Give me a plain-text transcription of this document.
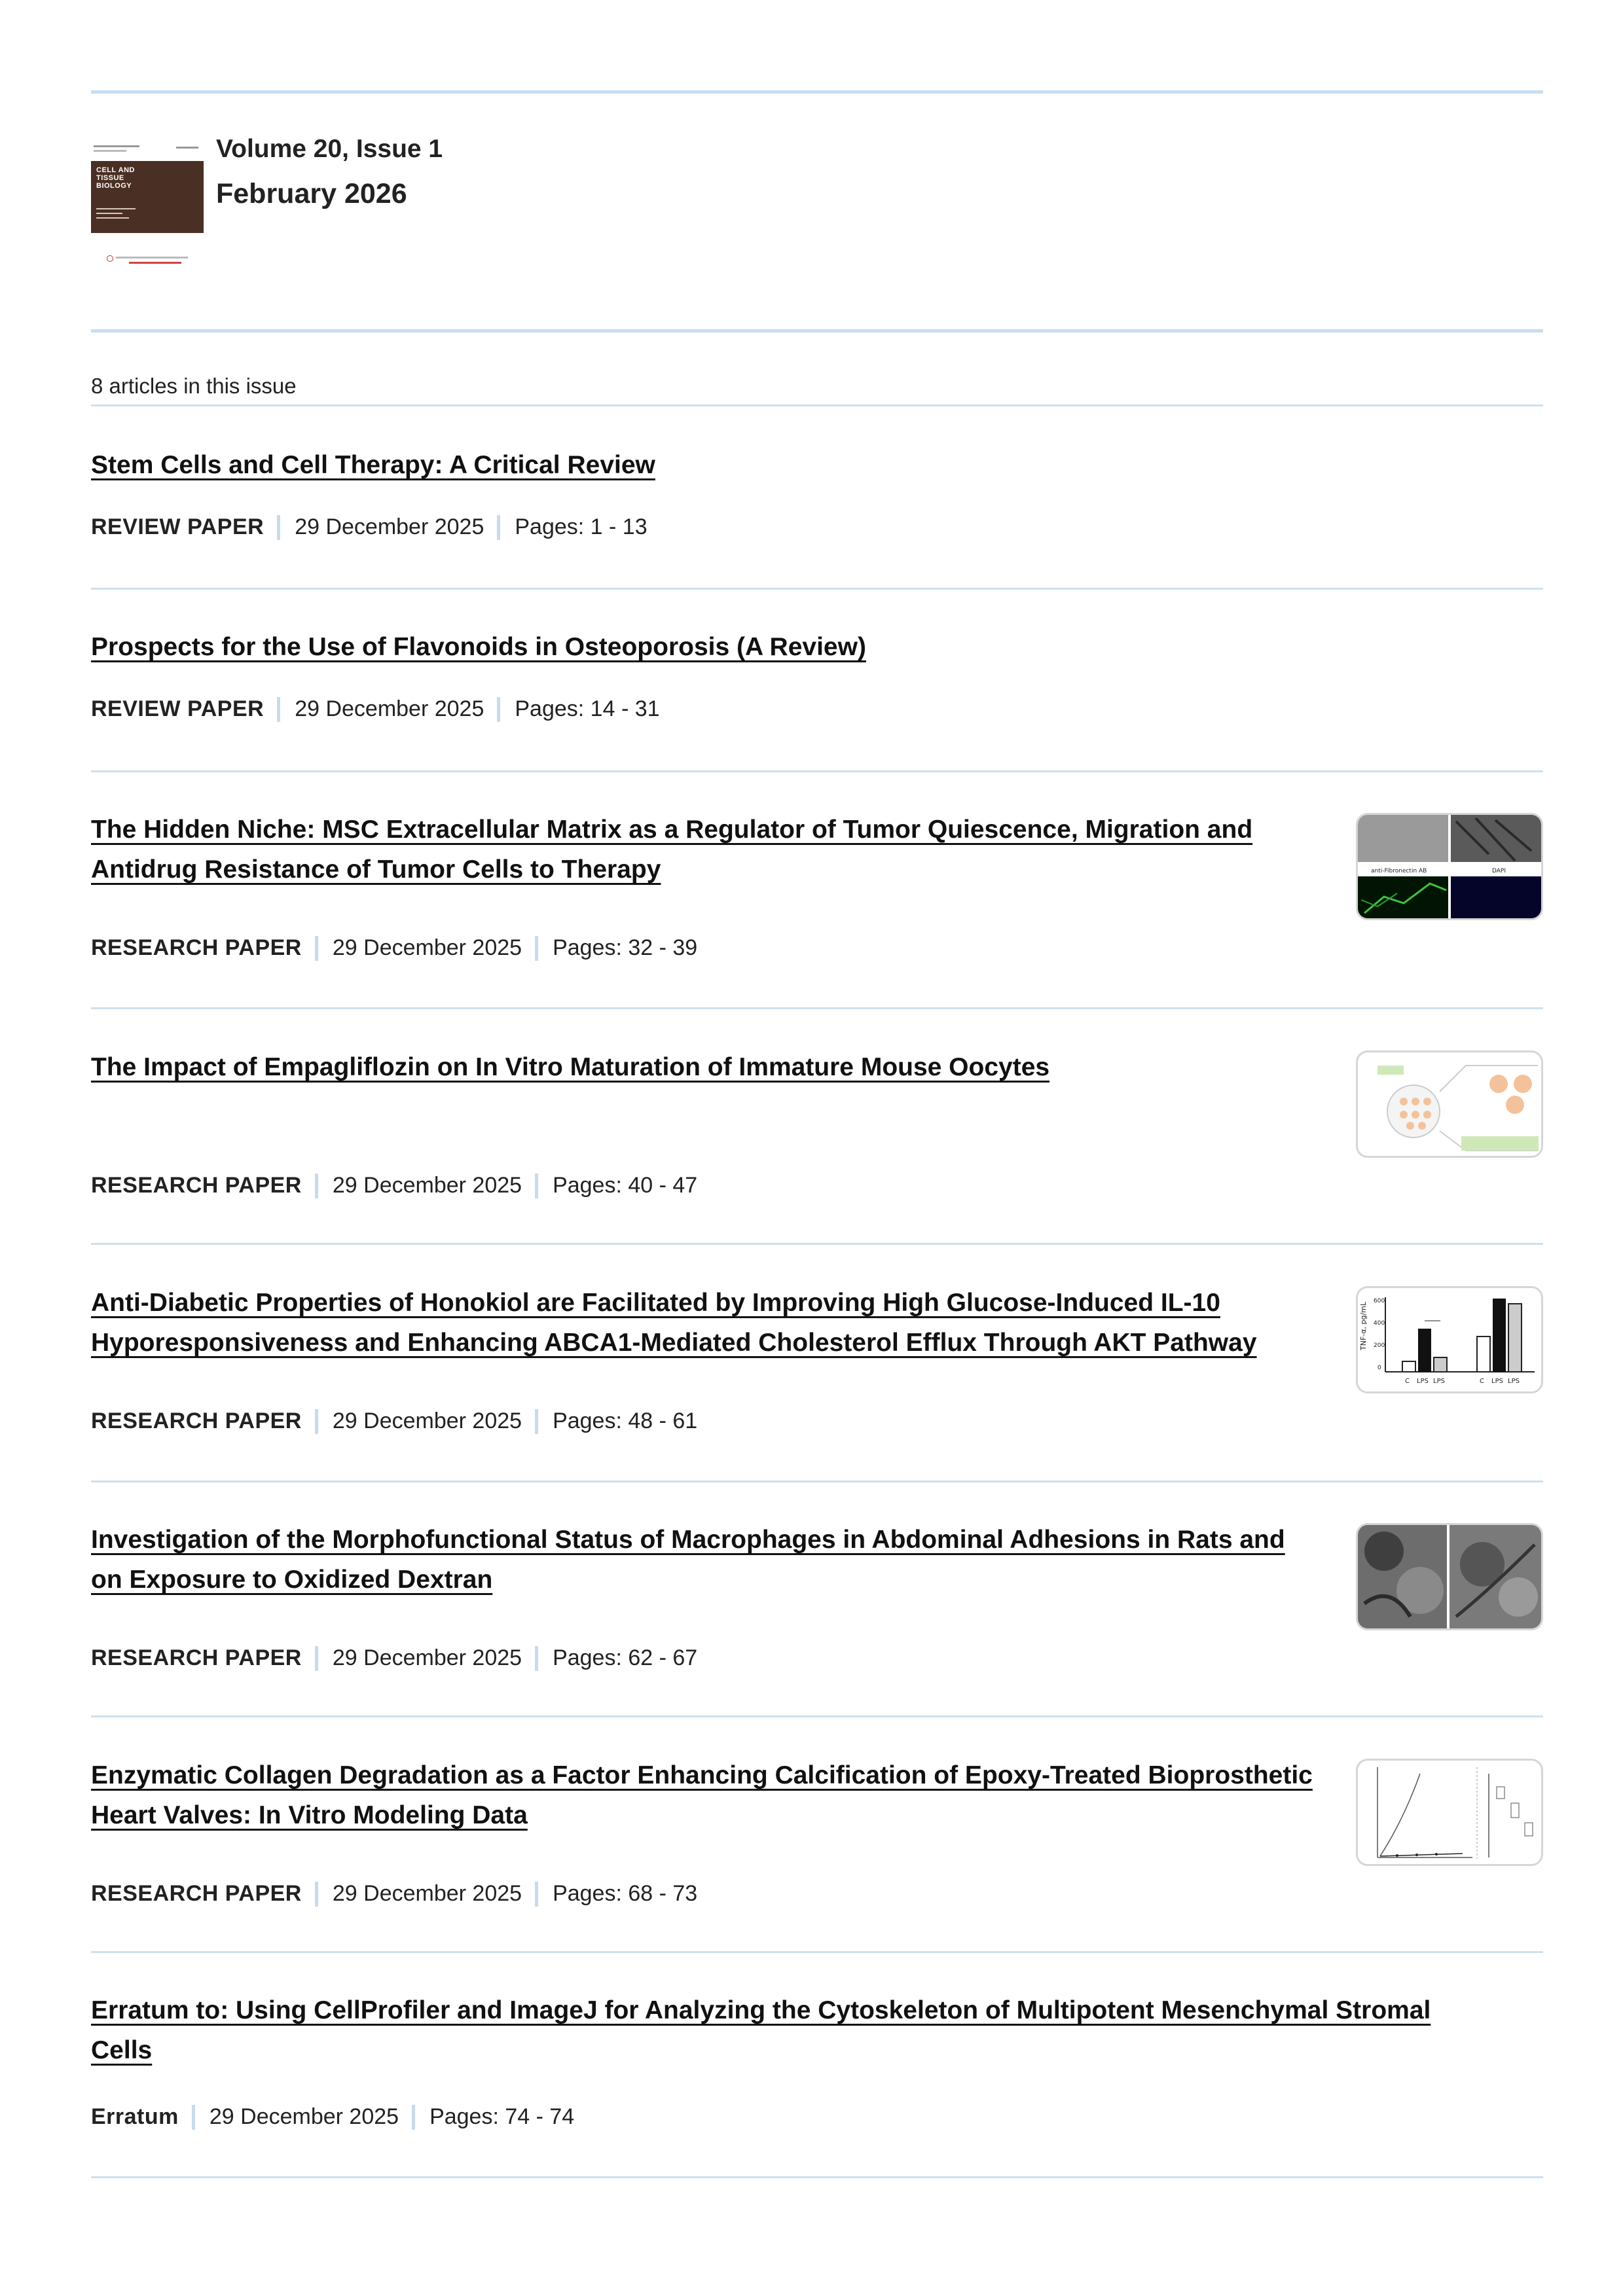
CELL AND TISSUE BIOLOGY
Volume 20, Issue 1
February 2026
8 articles in this issue
Stem Cells and Cell Therapy: A Critical Review
REVIEW PAPER 29 December 2025 Pages: 1 - 13
Prospects for the Use of Flavonoids in Osteoporosis (A Review)
REVIEW PAPER 29 December 2025 Pages: 14 - 31
The Hidden Niche: MSC Extracellular Matrix as a Regulator of Tumor Quiescence, Migration and Antidrug Resistance of Tumor Cells to Therapy
RESEARCH PAPER 29 December 2025 Pages: 32 - 39
anti-Fibronectin AB	DAPI
The Impact of Empagliflozin on In Vitro Maturation of Immature Mouse Oocytes
RESEARCH PAPER 29 December 2025 Pages: 40 - 47
Anti-Diabetic Properties of Honokiol are Facilitated by Improving High Glucose-Induced IL-10 Hyporesponsiveness and Enhancing ABCA1-Mediated Cholesterol Efflux Through AKT Pathway
RESEARCH PAPER 29 December 2025 Pages: 48 - 61
TNF-α, pg/mL
600
400
200
0
C LPS LPS	C LPS LPS
Investigation of the Morphofunctional Status of Macrophages in Abdominal Adhesions in Rats and on Exposure to Oxidized Dextran
RESEARCH PAPER 29 December 2025 Pages: 62 - 67
Enzymatic Collagen Degradation as a Factor Enhancing Calcification of Epoxy-Treated Bioprosthetic Heart Valves: In Vitro Modeling Data
RESEARCH PAPER 29 December 2025 Pages: 68 - 73
Erratum to: Using CellProfiler and ImageJ for Analyzing the Cytoskeleton of Multipotent Mesenchymal Stromal Cells
Erratum 29 December 2025 Pages: 74 - 74
